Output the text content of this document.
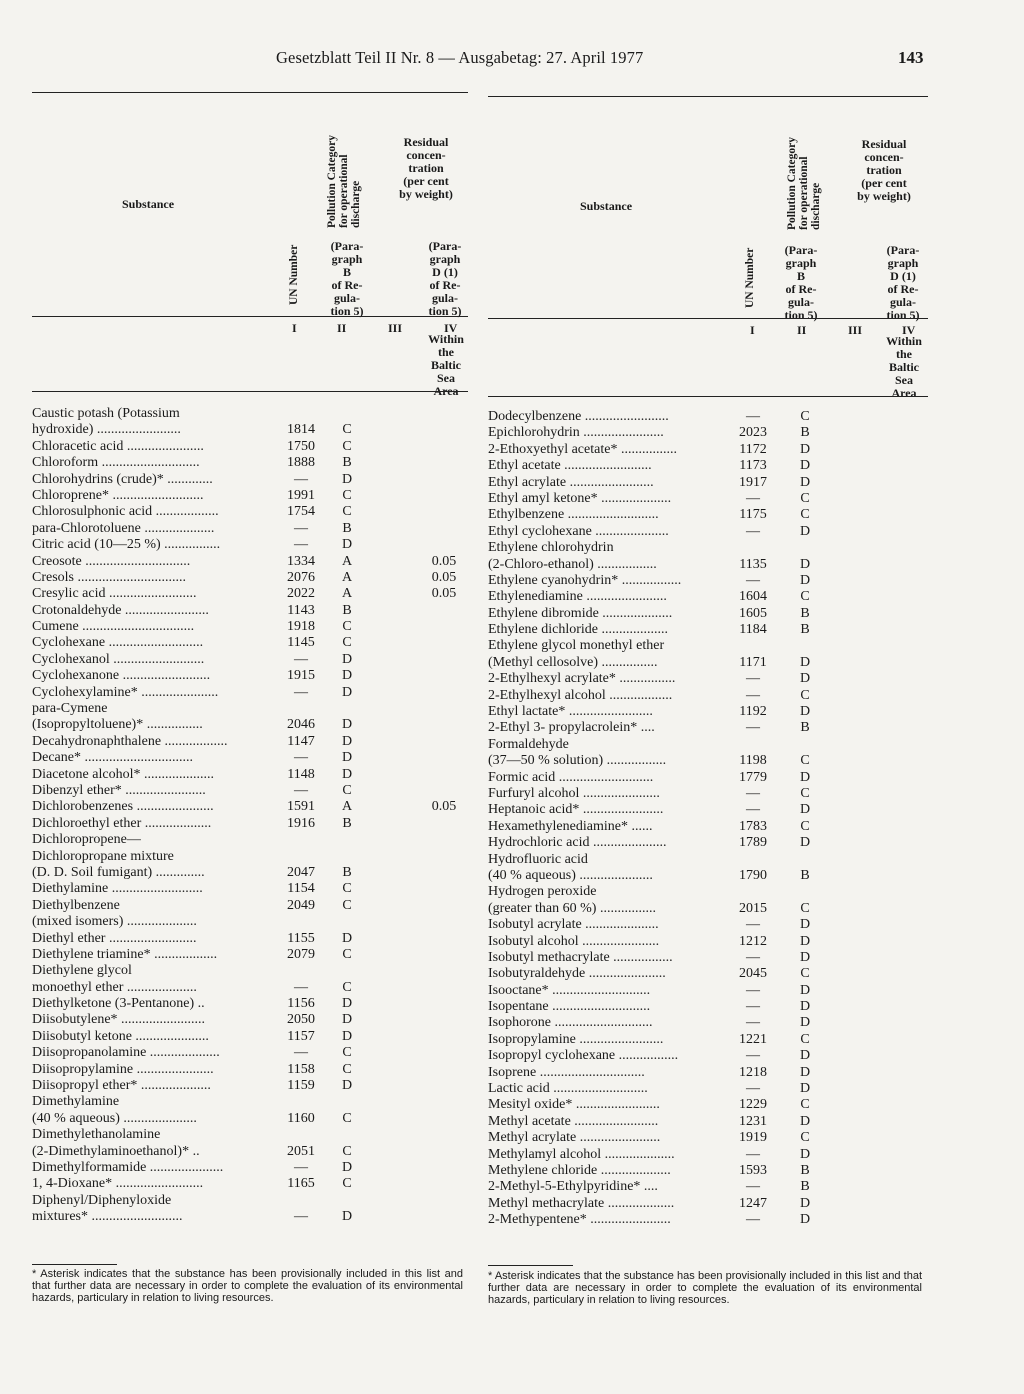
Gesetzblatt Teil II Nr. 8 — Ausgabetag: 27. April 1977	143
Substance
UN Number
Pollution Category for operational discharge
(Para-
graph
B
of Re-
gula-
tion 5)
Residual
concen-
tration
(per cent
by weight)
(Para-
graph
D (1)
of Re-
gula-
tion 5)
I	II	III	IV
Within
the
Baltic
Sea
Area
Caustic potash (Potassium
hydroxide) ........................	1814	C
Chloracetic acid ......................	1750	C
Chloroform ............................	1888	B
Chlorohydrins (crude)* .............	—	D
Chloroprene* ..........................	1991	C
Chlorosulphonic acid ..................	1754	C
para-Chlorotoluene ....................	—	B
Citric acid (10—25 %) ................	—	D
Creosote ..............................	1334	A	0.05
Cresols ...............................	2076	A	0.05
Cresylic acid .........................	2022	A	0.05
Crotonaldehyde ........................	1143	B
Cumene ................................	1918	C
Cyclohexane ...........................	1145	C
Cyclohexanol ..........................	—	D
Cyclohexanone .........................	1915	D
Cyclohexylamine* ......................	—	D
para-Cymene
(Isopropyltoluene)* ................	2046	D
Decahydronaphthalene ..................	1147	D
Decane* ...............................	—	D
Diacetone alcohol* ....................	1148	D
Dibenzyl ether* .......................	—	C
Dichlorobenzenes ......................	1591	A	0.05
Dichloroethyl ether ...................	1916	B
Dichloropropene—
Dichloropropane mixture
(D. D. Soil fumigant) ..............	2047	B
Diethylamine ..........................	1154	C
Diethylbenzene	2049	C
(mixed isomers) ....................
Diethyl ether .........................	1155	D
Diethylene triamine* ..................	2079	C
Diethylene glycol
monoethyl ether ....................	—	C
Diethylketone (3-Pentanone) ..	1156	D
Diisobutylene* ........................	2050	D
Diisobutyl ketone .....................	1157	D
Diisopropanolamine ....................	—	C
Diisopropylamine ......................	1158	C
Diisopropyl ether* ....................	1159	D
Dimethylamine
(40 % aqueous) .....................	1160	C
Dimethylethanolamine
(2-Dimethylaminoethanol)* ..	2051	C
Dimethylformamide .....................	—	D
1, 4-Dioxane* .........................	1165	C
Diphenyl/Diphenyloxide
mixtures* ..........................	—	D
* Asterisk indicates that the substance has been provisionally included in this list and that further data are necessary in order to complete the evaluation of its environmental hazards, particulary in relation to living resources.
Substance
UN Number
Pollution Category for operational discharge
(Para-
graph
B
of Re-
gula-
tion 5)
Residual
concen-
tration
(per cent
by weight)
(Para-
graph
D (1)
of Re-
gula-
tion 5)
I	II	III	IV
Within
the
Baltic
Sea
Area
Dodecylbenzene ........................	—	C
Epichlorohydrin .......................	2023	B
2-Ethoxyethyl acetate* ................	1172	D
Ethyl acetate .........................	1173	D
Ethyl acrylate ........................	1917	D
Ethyl amyl ketone* ....................	—	C
Ethylbenzene ..........................	1175	C
Ethyl cyclohexane .....................	—	D
Ethylene chlorohydrin
(2-Chloro-ethanol) .................	1135	D
Ethylene cyanohydrin* .................	—	D
Ethylenediamine .......................	1604	C
Ethylene dibromide ....................	1605	B
Ethylene dichloride ...................	1184	B
Ethylene glycol monethyl ether
(Methyl cellosolve) ................	1171	D
2-Ethylhexyl acrylate* ................	—	D
2-Ethylhexyl alcohol ..................	—	C
Ethyl lactate* ........................	1192	D
2-Ethyl 3- propylacrolein* ....	—	B
Formaldehyde
(37—50 % solution) .................	1198	C
Formic acid ...........................	1779	D
Furfuryl alcohol ......................	—	C
Heptanoic acid* .......................	—	D
Hexamethylenediamine* ......	1783	C
Hydrochloric acid .....................	1789	D
Hydrofluoric acid
(40 % aqueous) .....................	1790	B
Hydrogen peroxide
(greater than 60 %) ................	2015	C
Isobutyl acrylate .....................	—	D
Isobutyl alcohol ......................	1212	D
Isobutyl methacrylate .................	—	D
Isobutyraldehyde ......................	2045	C
Isooctane* ............................	—	D
Isopentane ............................	—	D
Isophorone ............................	—	D
Isopropylamine ........................	1221	C
Isopropyl cyclohexane .................	—	D
Isoprene ..............................	1218	D
Lactic acid ...........................	—	D
Mesityl oxide* ........................	1229	C
Methyl acetate ........................	1231	D
Methyl acrylate .......................	1919	C
Methylamyl alcohol ....................	—	D
Methylene chloride ....................	1593	B
2-Methyl-5-Ethylpyridine* ....	—	B
Methyl methacrylate ...................	1247	D
2-Methypentene* .......................	—	D
* Asterisk indicates that the substance has been provisionally included in this list and that further data are necessary in order to complete the evaluation of its environmental hazards, particulary in relation to living resources.
